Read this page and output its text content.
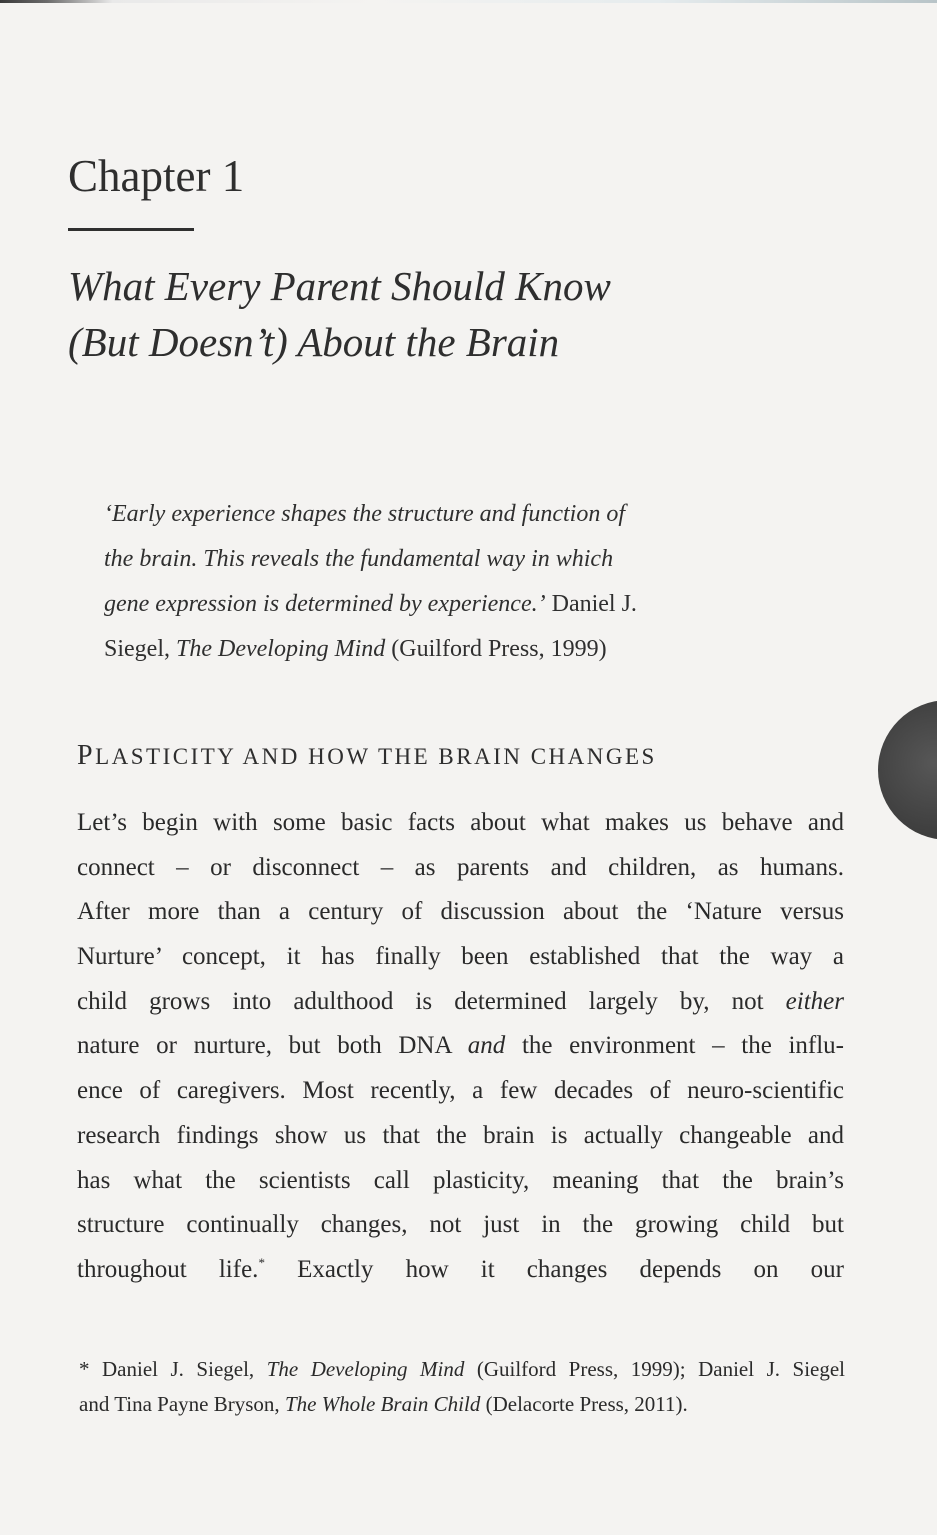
Chapter 1
What Every Parent Should Know
(But Doesn’t) About the Brain
‘Early experience shapes the structure and function of
the brain. This reveals the fundamental way in which
gene expression is determined by experience.’ Daniel J.
Siegel, The Developing Mind (Guilford Press, 1999)
PLASTICITY AND HOW THE BRAIN CHANGES
Let’s begin with some basic facts about what makes us behave and
connect – or disconnect – as parents and children, as humans.
After more than a century of discussion about the ‘Nature versus
Nurture’ concept, it has finally been established that the way a
child grows into adulthood is determined largely by, not either
nature or nurture, but both DNA and the environment – the influ-
ence of caregivers. Most recently, a few decades of neuro-scientific
research findings show us that the brain is actually changeable and
has what the scientists call plasticity, meaning that the brain’s
structure continually changes, not just in the growing child but
throughout life.* Exactly how it changes depends on our
* Daniel J. Siegel, The Developing Mind (Guilford Press, 1999); Daniel J. Siegel
and Tina Payne Bryson, The Whole Brain Child (Delacorte Press, 2011).
